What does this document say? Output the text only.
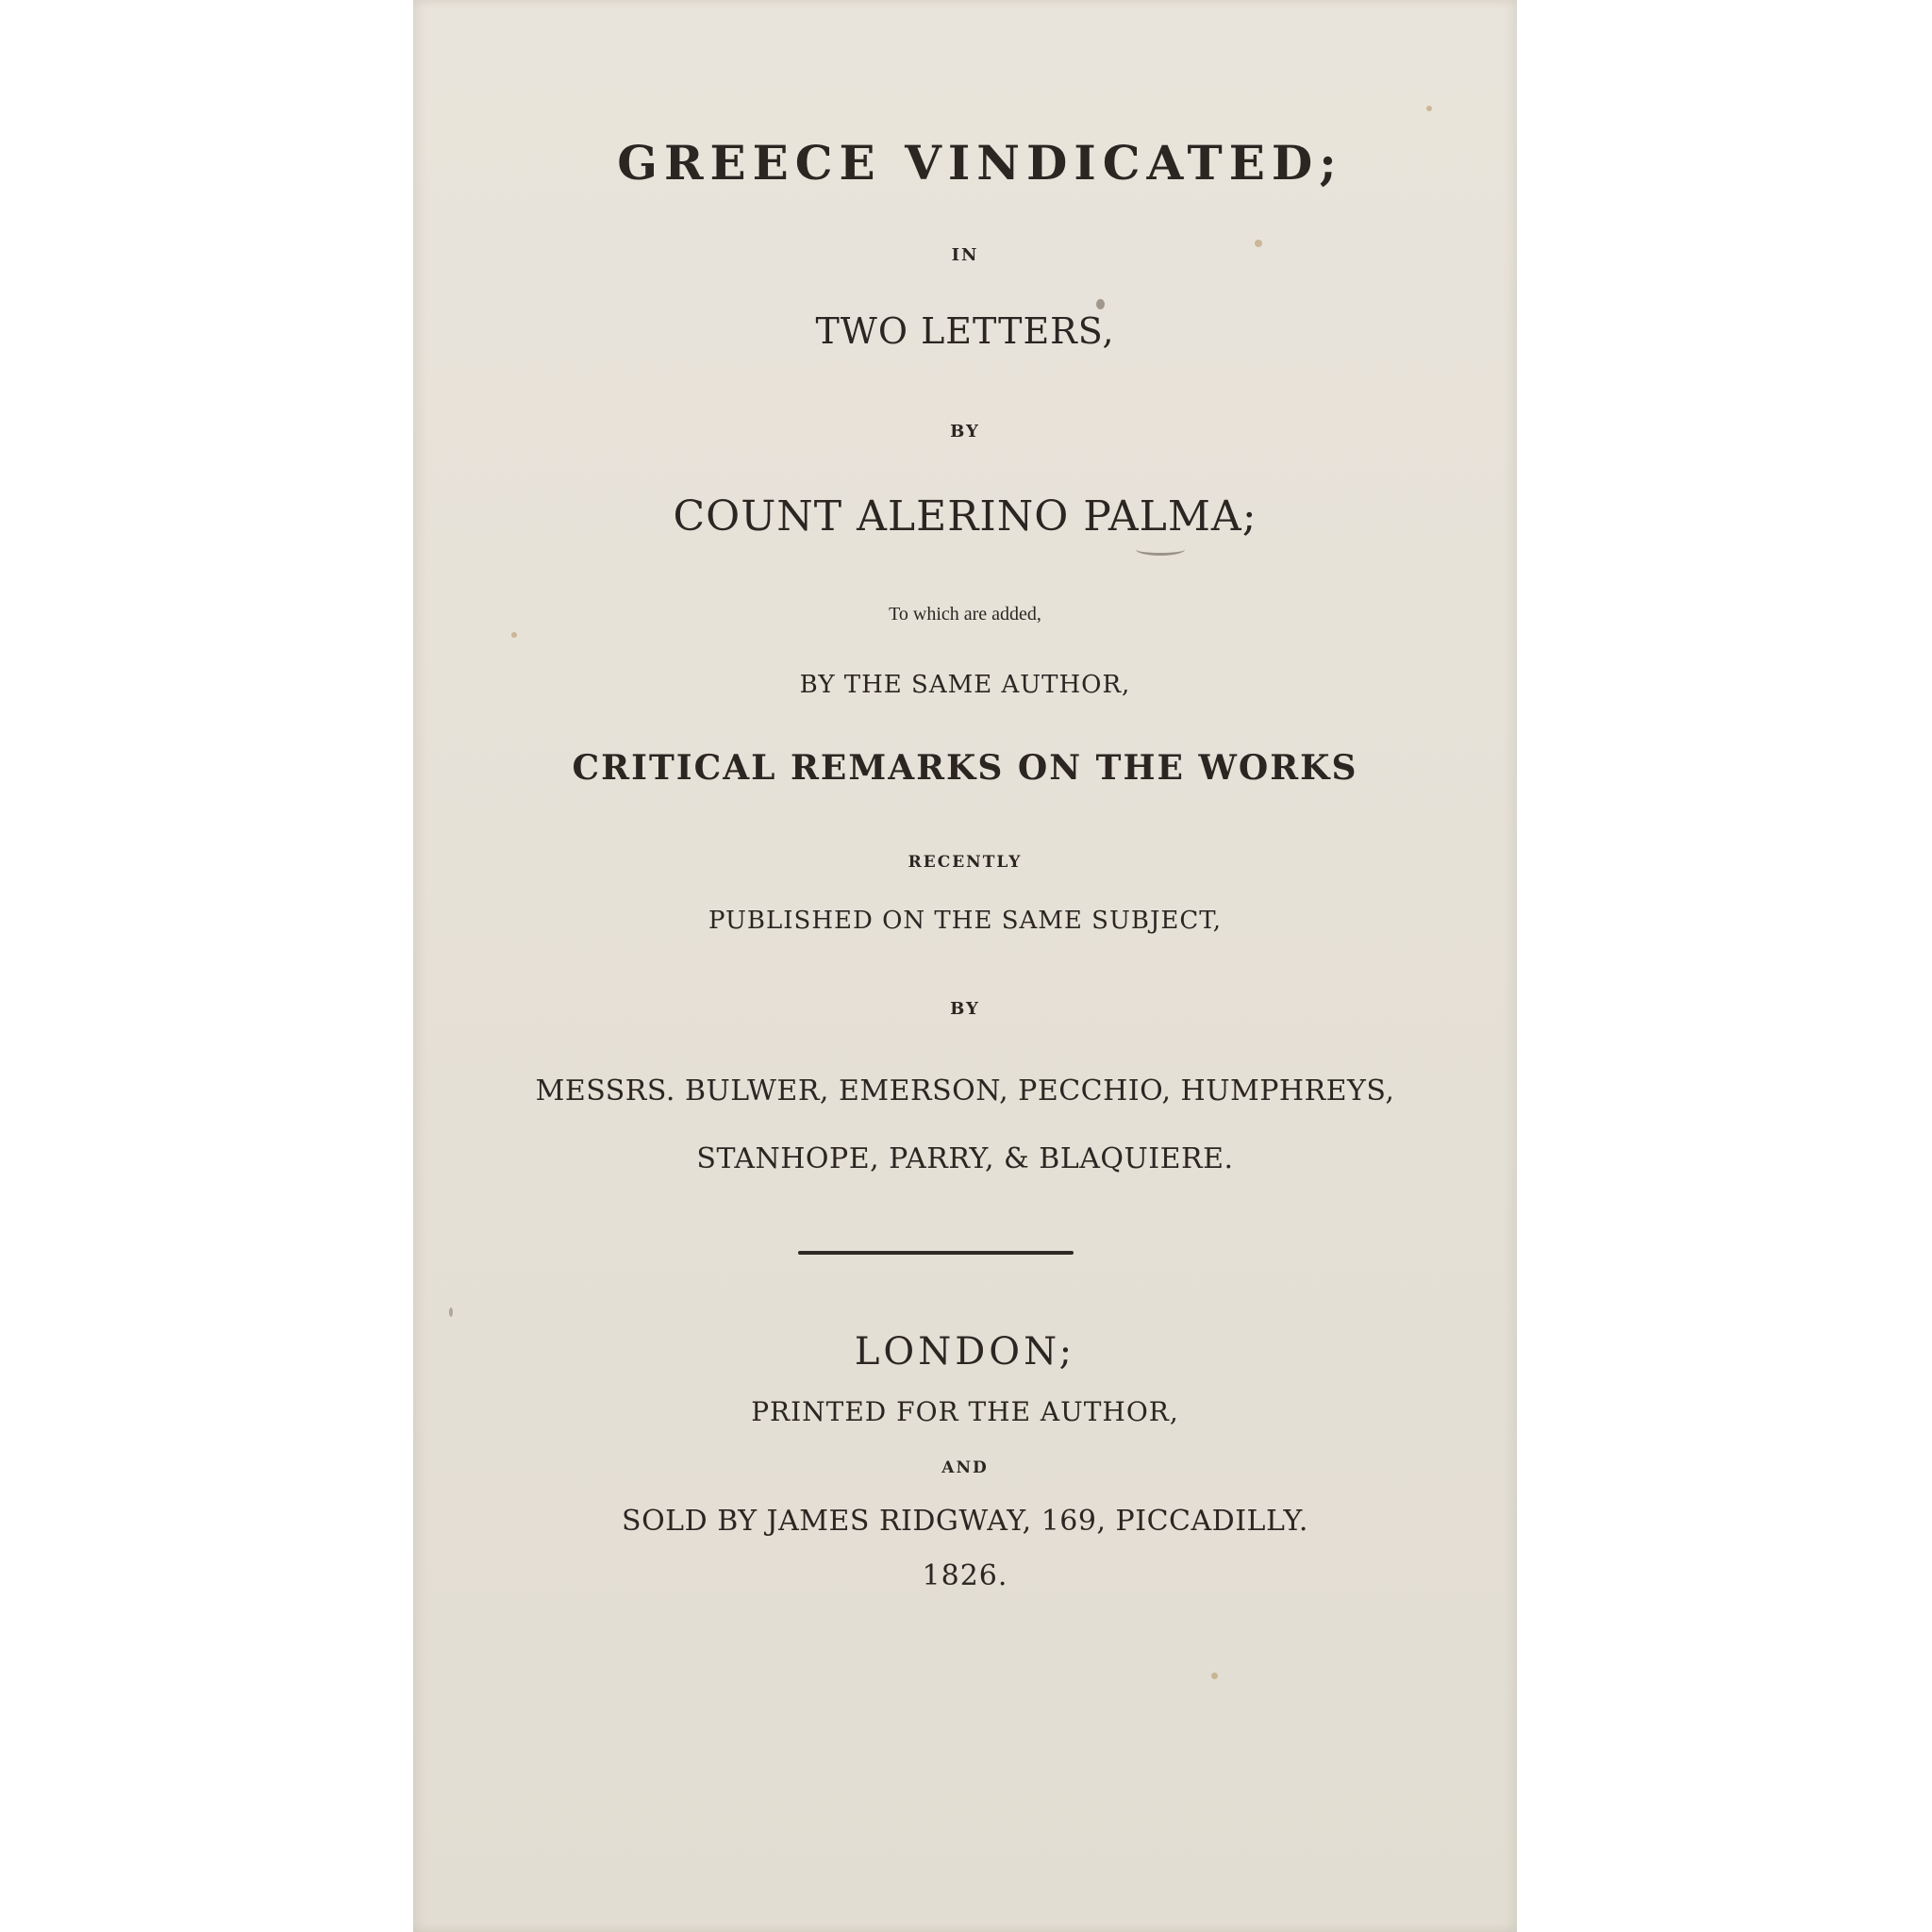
GREECE VINDICATED;
IN
TWO LETTERS,
BY
COUNT ALERINO PALMA;
To which are added,
BY THE SAME AUTHOR,
CRITICAL REMARKS ON THE WORKS
RECENTLY
PUBLISHED ON THE SAME SUBJECT,
BY
MESSRS. BULWER, EMERSON, PECCHIO, HUMPHREYS,
STANHOPE, PARRY, & BLAQUIERE.
LONDON;
PRINTED FOR THE AUTHOR,
AND
SOLD BY JAMES RIDGWAY, 169, PICCADILLY.
1826.
